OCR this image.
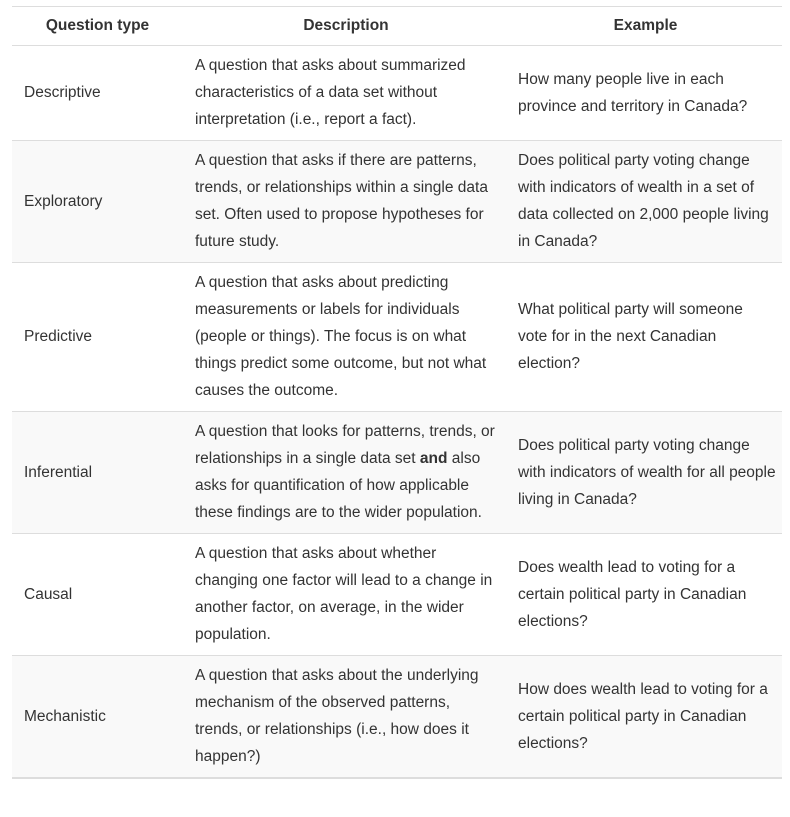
Question type	Description	Example
Descriptive	A question that asks about summarized characteristics of a data set without interpretation (i.e., report a fact).	How many people live in each province and territory in Canada?
Exploratory	A question that asks if there are patterns, trends, or relationships within a single data set. Often used to propose hypotheses for future study.	Does political party voting change with indicators of wealth in a set of data collected on 2,000 people living in Canada?
Predictive	A question that asks about predicting measurements or labels for individuals (people or things). The focus is on what things predict some outcome, but not what causes the outcome.	What political party will someone vote for in the next Canadian election?
Inferential	A question that looks for patterns, trends, or relationships in a single data set and also asks for quantification of how applicable these findings are to the wider population.	Does political party voting change with indicators of wealth for all people living in Canada?
Causal	A question that asks about whether changing one factor will lead to a change in another factor, on average, in the wider population.	Does wealth lead to voting for a certain political party in Canadian elections?
Mechanistic	A question that asks about the underlying mechanism of the observed patterns, trends, or relationships (i.e., how does it happen?)	How does wealth lead to voting for a certain political party in Canadian elections?
